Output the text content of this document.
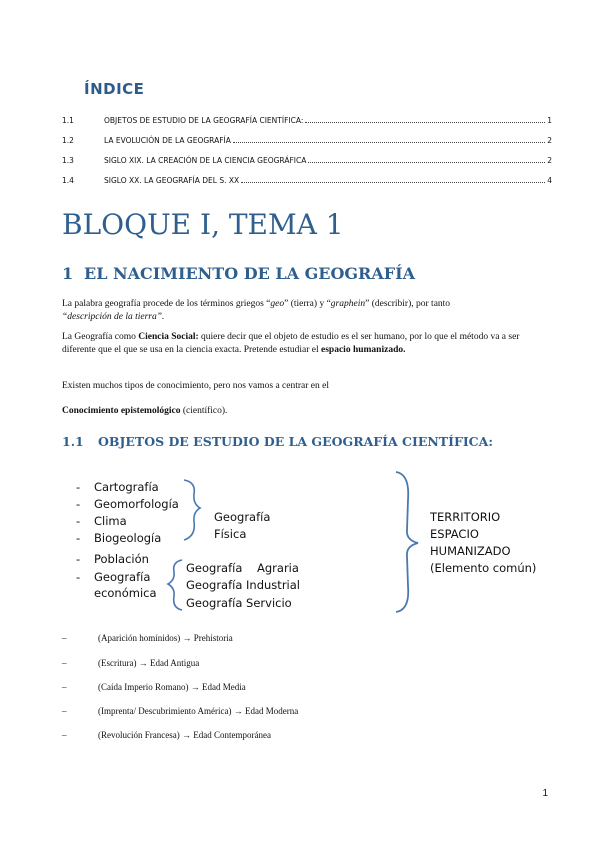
ÍNDICE
1.1	OBJETOS DE ESTUDIO DE LA GEOGRAFÍA CIENTÍFICA:	1
1.2	LA EVOLUCIÓN DE LA GEOGRAFÍA	2
1.3	SIGLO XIX. LA CREACIÓN DE LA CIENCIA GEOGRÁFICA	2
1.4	SIGLO XX. LA GEOGRAFÍA DEL S. XX	4
BLOQUE I, TEMA 1
1 EL NACIMIENTO DE LA GEOGRAFÍA
La palabra geografía procede de los términos griegos “geo” (tierra) y “graphein” (describir), por tanto
“descripción de la tierra”.
La Geografía como Ciencia Social: quiere decir que el objeto de estudio es el ser humano, por lo que el método va a ser diferente que el que se usa en la ciencia exacta. Pretende estudiar el espacio humanizado.
Existen muchos tipos de conocimiento, pero nos vamos a centrar en el
Conocimiento epistemológico (científico).
1.1 OBJETOS DE ESTUDIO DE LA GEOGRAFÍA CIENTÍFICA:
- Cartografía
- Geomorfología
- Clima
- Biogeología
- Población
- Geografía
económica
Geografía
Física
Geografía    Agraria
Geografía Industrial
Geografía Servicio
TERRITORIO
ESPACIO
HUMANIZADO
(Elemento común)
–	(Aparición homínidos) → Prehistoria
–	(Escritura) → Edad Antigua
–	(Caída Imperio Romano) → Edad Media
–	(Imprenta/ Descubrimiento América) → Edad Moderna
–	(Revolución Francesa) → Edad Contemporánea
1
